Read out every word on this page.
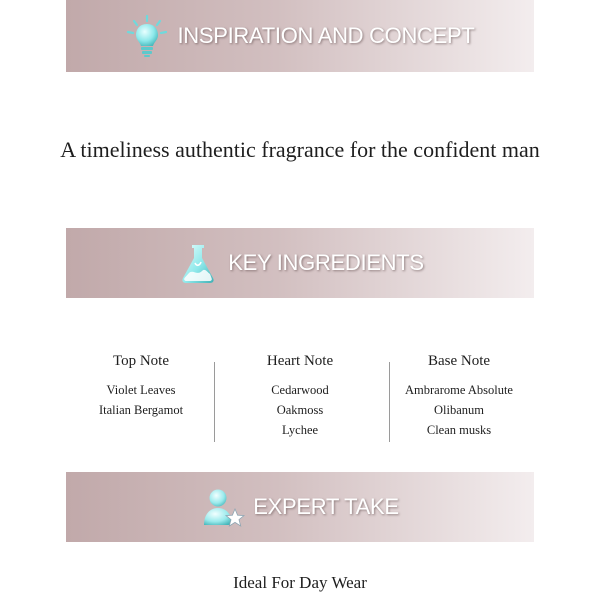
INSPIRATION AND CONCEPT
A timeliness authentic fragrance for the confident man
KEY INGREDIENTS
Top Note
Violet Leaves
Italian Bergamot
Heart Note
Cedarwood
Oakmoss
Lychee
Base Note
Ambrarome Absolute
Olibanum
Clean musks
EXPERT TAKE
Ideal For Day Wear
